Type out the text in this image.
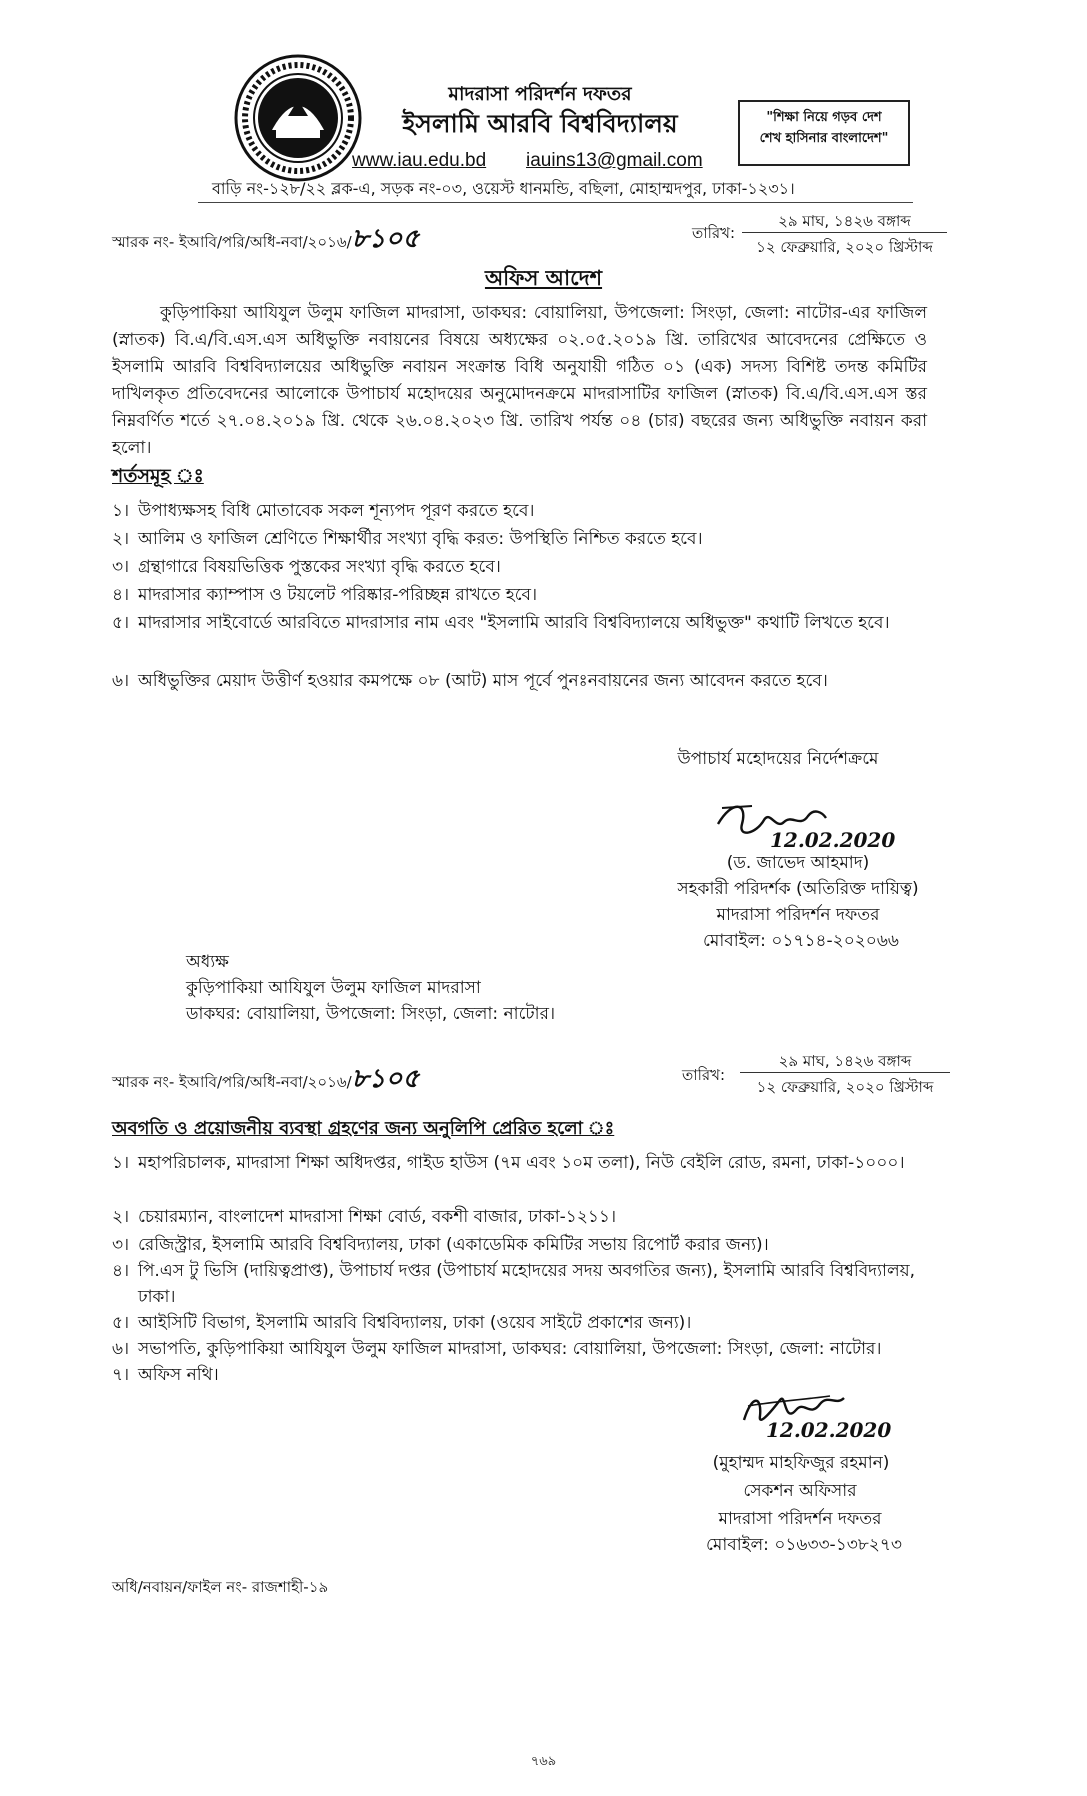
মাদরাসা পরিদর্শন দফতর
ইসলামি আরবি বিশ্ববিদ্যালয়
www.iau.edu.bd iauins13@gmail.com
বাড়ি নং-১২৮/২২ ব্লক-এ, সড়ক নং-০৩, ওয়েস্ট ধানমন্ডি, বছিলা, মোহাম্মদপুর, ঢাকা-১২৩১।
"শিক্ষা নিয়ে গড়ব দেশ
শেখ হাসিনার বাংলাদেশ"
স্মারক নং- ইআবি/পরি/অধি-নবা/২০১৬/৮১০৫	তারিখ:
২৯ মাঘ, ১৪২৬ বঙ্গাব্দ
১২ ফেব্রুয়ারি, ২০২০ খ্রিস্টাব্দ
অফিস আদেশ
কুড়িপাকিয়া আযিযুল উলুম ফাজিল মাদরাসা, ডাকঘর: বোয়ালিয়া, উপজেলা: সিংড়া, জেলা: নাটোর-এর ফাজিল (স্নাতক) বি.এ/বি.এস.এস অধিভুক্তি নবায়নের বিষয়ে অধ্যক্ষের ০২.০৫.২০১৯ খ্রি. তারিখের আবেদনের প্রেক্ষিতে ও ইসলামি আরবি বিশ্ববিদ্যালয়ের অধিভুক্তি নবায়ন সংক্রান্ত বিধি অনুযায়ী গঠিত ০১ (এক) সদস্য বিশিষ্ট তদন্ত কমিটির দাখিলকৃত প্রতিবেদনের আলোকে উপাচার্য মহোদয়ের অনুমোদনক্রমে মাদরাসাটির ফাজিল (স্নাতক) বি.এ/বি.এস.এস স্তর নিম্নবর্ণিত শর্তে ২৭.০৪.২০১৯ খ্রি. থেকে ২৬.০৪.২০২৩ খ্রি. তারিখ পর্যন্ত ০৪ (চার) বছরের জন্য অধিভুক্তি নবায়ন করা হলো।
শর্তসমূহ ঃ
১। উপাধ্যক্ষসহ বিধি মোতাবেক সকল শূন্যপদ পূরণ করতে হবে।
২। আলিম ও ফাজিল শ্রেণিতে শিক্ষার্থীর সংখ্যা বৃদ্ধি করত: উপস্থিতি নিশ্চিত করতে হবে।
৩। গ্রন্থাগারে বিষয়ভিত্তিক পুস্তকের সংখ্যা বৃদ্ধি করতে হবে।
৪। মাদরাসার ক্যাম্পাস ও টয়লেট পরিষ্কার-পরিচ্ছন্ন রাখতে হবে।
৫। মাদরাসার সাইবোর্ডে আরবিতে মাদরাসার নাম এবং "ইসলামি আরবি বিশ্ববিদ্যালয়ে অধিভুক্ত" কথাটি লিখতে হবে।
৬। অধিভুক্তির মেয়াদ উত্তীর্ণ হওয়ার কমপক্ষে ০৮ (আট) মাস পূর্বে পুনঃনবায়নের জন্য আবেদন করতে হবে।
উপাচার্য মহোদয়ের নির্দেশক্রমে
12.02.2020
(ড. জাভেদ আহমাদ)
সহকারী পরিদর্শক (অতিরিক্ত দায়িত্ব)
মাদরাসা পরিদর্শন দফতর
মোবাইল: ০১৭১৪-২০২০৬৬
অধ্যক্ষ
কুড়িপাকিয়া আযিযুল উলুম ফাজিল মাদরাসা
ডাকঘর: বোয়ালিয়া, উপজেলা: সিংড়া, জেলা: নাটোর।
স্মারক নং- ইআবি/পরি/অধি-নবা/২০১৬/৮১০৫	তারিখ:
২৯ মাঘ, ১৪২৬ বঙ্গাব্দ
১২ ফেব্রুয়ারি, ২০২০ খ্রিস্টাব্দ
অবগতি ও প্রয়োজনীয় ব্যবস্থা গ্রহণের জন্য অনুলিপি প্রেরিত হলো ঃ
১। মহাপরিচালক, মাদরাসা শিক্ষা অধিদপ্তর, গাইড হাউস (৭ম এবং ১০ম তলা), নিউ বেইলি রোড, রমনা, ঢাকা-১০০০।
২। চেয়ারম্যান, বাংলাদেশ মাদরাসা শিক্ষা বোর্ড, বকশী বাজার, ঢাকা-১২১১।
৩। রেজিস্ট্রার, ইসলামি আরবি বিশ্ববিদ্যালয়, ঢাকা (একাডেমিক কমিটির সভায় রিপোর্ট করার জন্য)।
৪। পি.এস টু ভিসি (দায়িত্বপ্রাপ্ত), উপাচার্য দপ্তর (উপাচার্য মহোদয়ের সদয় অবগতির জন্য), ইসলামি আরবি বিশ্ববিদ্যালয়, ঢাকা।
৫। আইসিটি বিভাগ, ইসলামি আরবি বিশ্ববিদ্যালয়, ঢাকা (ওয়েব সাইটে প্রকাশের জন্য)।
৬। সভাপতি, কুড়িপাকিয়া আযিযুল উলুম ফাজিল মাদরাসা, ডাকঘর: বোয়ালিয়া, উপজেলা: সিংড়া, জেলা: নাটোর।
৭। অফিস নথি।
12.02.2020
(মুহাম্মদ মাহফিজুর রহমান)
সেকশন অফিসার
মাদরাসা পরিদর্শন দফতর
মোবাইল: ০১৬৩৩-১৩৮২৭৩
অধি/নবায়ন/ফাইল নং- রাজশাহী-১৯
৭৬৯
